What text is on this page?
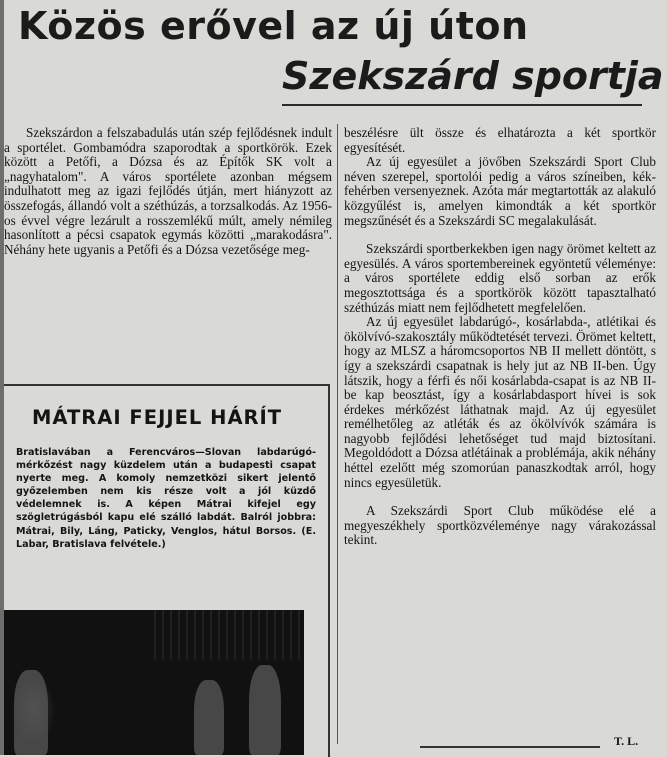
Közös erővel az új úton
Szekszárd sportja

Szekszárdon a felszabadulás után szép fejlődésnek indult a sportélet. Gombamódra szaporodtak a sportkörök. Ezek között a Petőfi, a Dózsa és az Építők SK volt a „nagyhatalom". A város sportélete azonban mégsem indulhatott meg az igazi fejlődés útján, mert hiányzott az összefogás, állandó volt a széthúzás, a torzsalkodás. Az 1956-os évvel végre lezárult a rosszemlékű múlt, amely némileg hasonlított a pécsi csapatok egymás közötti „marakodásra". Néhány hete ugyanis a Petőfi és a Dózsa vezetősége meg-

beszélésre ült össze és elhatározta a két sportkör egyesítését.

Az új egyesület a jövőben Szekszárdi Sport Club néven szerepel, sportolói pedig a város színeiben, kék-fehérben versenyeznek. Azóta már megtartották az alakuló közgyűlést is, amelyen kimondták a két sportkör megszűnését és a Szekszárdi SC megalakulását.

Szekszárdi sportberkekben igen nagy örömet keltett az egyesülés. A város sportembereinek egyöntetű véleménye: a város sportélete eddig első sorban az erők megosztottsága és a sportkörök között tapasztalható széthúzás miatt nem fejlődhetett megfelelően.

Az új egyesület labdarúgó-, kosárlabda-, atlétikai és ökölvívó-szakosztály működtetését tervezi. Örömet keltett, hogy az MLSZ a háromcsoportos NB II mellett döntött, s így a szekszárdi csapatnak is hely jut az NB II-ben. Úgy látszik, hogy a férfi és női kosárlabda-csapat is az NB II-be kap beosztást, így a kosárlabdasport hívei is sok érdekes mérkőzést láthatnak majd. Az új egyesület remélhetőleg az atléták és az ökölvívók számára is nagyobb fejlődési lehetőséget tud majd biztosítani. Megoldódott a Dózsa atlétáinak a problémája, akik néhány héttel ezelőtt még szomorúan panaszkodtak arról, hogy nincs egyesületük.

A Szekszárdi Sport Club működése elé a megyeszékhely sportközvéleménye nagy várakozással tekint.

MÁTRAI FEJJEL HÁRÍT

Bratislavában a Ferencváros—Slovan labdarúgó-mérkőzést nagy küzdelem után a budapesti csapat nyerte meg. A komoly nemzetközi sikert jelentő győzelemben nem kis része volt a jól küzdő védelemnek is. A képen Mátrai kifejel egy szögletrúgásból kapu elé szálló labdát. Balról jobbra: Mátrai, Bily, Láng, Paticky, Venglos, hátul Borsos. (E. Labar, Bratislava felvétele.)

T. L.
